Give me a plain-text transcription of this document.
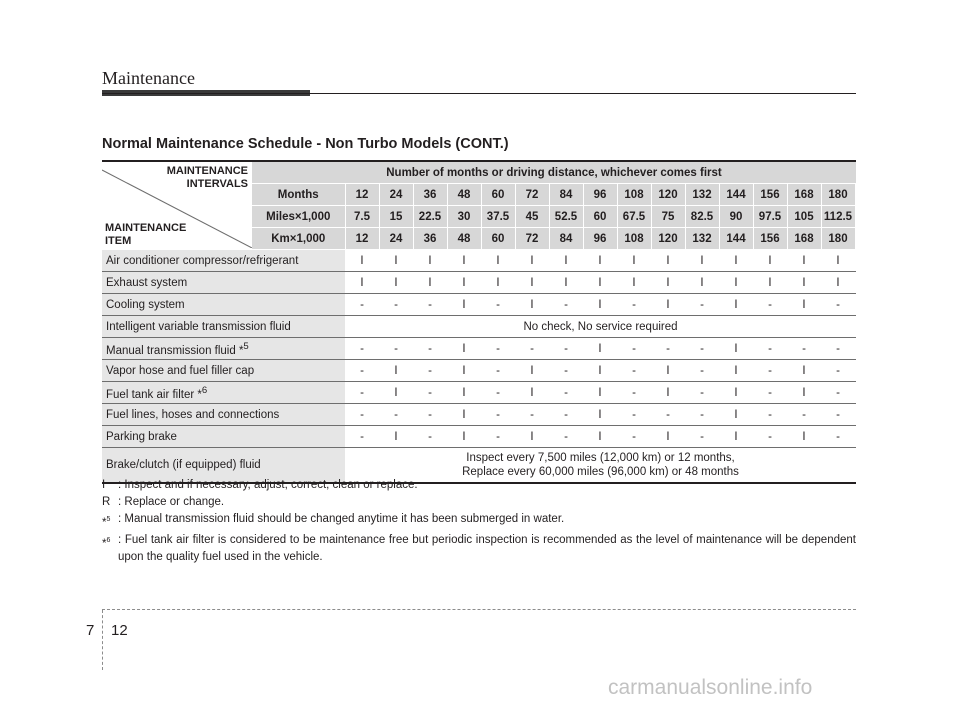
Maintenance
Normal Maintenance Schedule - Non Turbo Models (CONT.)
MAINTENANCE
INTERVALS
MAINTENANCE
ITEM	Number of months or driving distance, whichever comes first																
	Months	12	24	36	48	60	72	84	96	108	120	132	144	156	168	180	
	Miles×1,000	7.5	15	22.5	30	37.5	45	52.5	60	67.5	75	82.5	90	97.5	105	112.5	
	Km×1,000	12	24	36	48	60	72	84	96	108	120	132	144	156	168	180	
Air conditioner compressor/refrigerant		I	I	I	I	I	I	I	I	I	I	I	I	I	I	I	
Exhaust system		I	I	I	I	I	I	I	I	I	I	I	I	I	I	I	
Cooling system		-	-	-	I	-	I	-	I	-	I	-	I	-	I	-	
Intelligent variable transmission fluid		No check, No service required															
Manual transmission fluid *$^5$		-	-	-	I	-	-	-	I	-	-	-	I	-	-	-	
Vapor hose and fuel filler cap		-	I	-	I	-	I	-	I	-	I	-	I	-	I	-	
Fuel tank air filter *$^6$		-	I	-	I	-	I	-	I	-	I	-	I	-	I	-	
Fuel lines, hoses and connections		-	-	-	I	-	-	-	I	-	-	-	I	-	-	-	
Parking brake		-	I	-	I	-	I	-	I	-	I	-	I	-	I	-	
Brake/clutch (if equipped) fluid		Inspect every 7,500 miles (12,000 km) or 12 months,
Replace every 60,000 miles (96,000 km) or 48 months															
I	: Inspect and if necessary, adjust, correct, clean or replace.
R : Replace or change.
*$^5$ : Manual transmission fluid should be changed anytime it has been submerged in water.
*$^6$ : Fuel tank air filter is considered to be maintenance free but periodic inspection is recommended as the level of maintenance will be dependent upon the quality fuel used in the vehicle.
7 12
carmanualsonline.info
